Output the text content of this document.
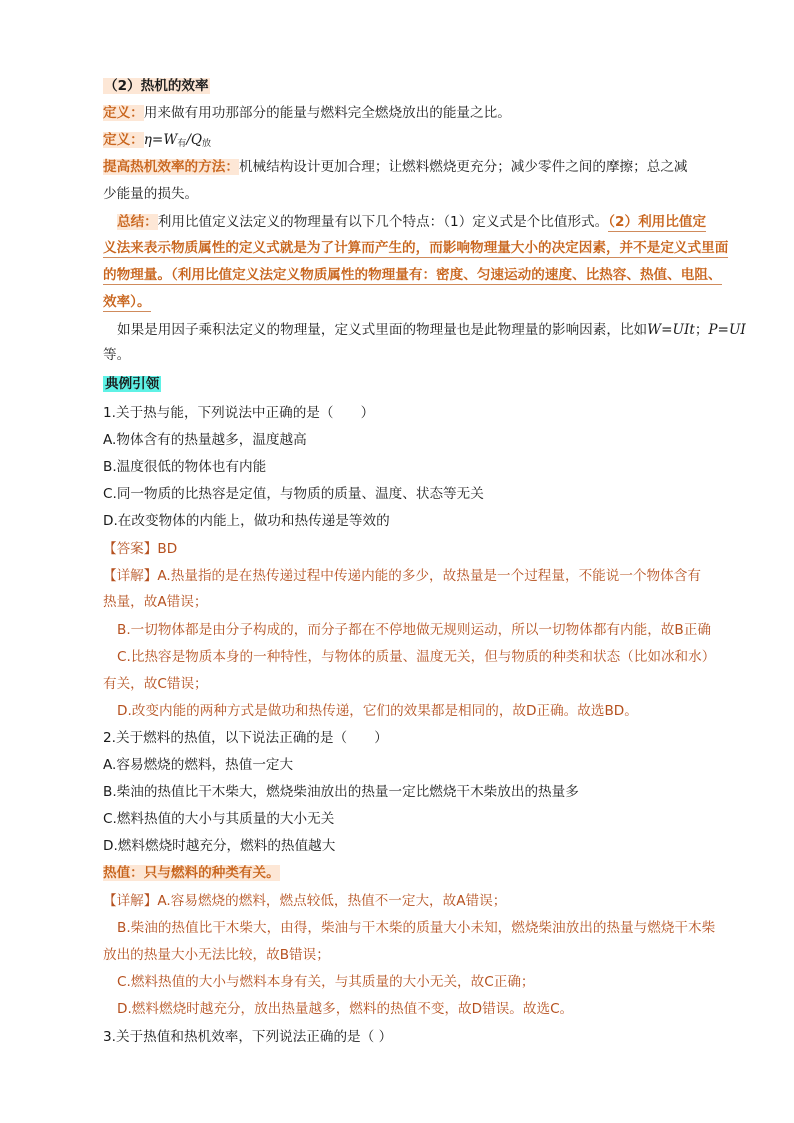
（2）热机的效率
定义：用来做有用功那部分的能量与燃料完全燃烧放出的能量之比。
定义：$\eta=W_有/Q_放$
提高热机效率的方法：机械结构设计更加合理；让燃料燃烧更充分；减少零件之间的摩擦；总之减
少能量的损失。
总结：利用比值定义法定义的物理量有以下几个特点：（1）定义式是个比值形式。（2）利用比值定
义法来表示物质属性的定义式就是为了计算而产生的，而影响物理量大小的决定因素，并不是定义式里面
的物理量。（利用比值定义法定义物质属性的物理量有：密度、匀速运动的速度、比热容、热值、电阻、
效率）。
如果是用因子乘积法定义的物理量，定义式里面的物理量也是此物理量的影响因素，比如W=UIt；P=UI
等。
典例引领
1.关于热与能，下列说法中正确的是（　　）
A.物体含有的热量越多，温度越高
B.温度很低的物体也有内能
C.同一物质的比热容是定值，与物质的质量、温度、状态等无关
D.在改变物体的内能上，做功和热传递是等效的
【答案】BD
【详解】A.热量指的是在热传递过程中传递内能的多少，故热量是一个过程量，不能说一个物体含有
热量，故A错误；
B.一切物体都是由分子构成的，而分子都在不停地做无规则运动，所以一切物体都有内能，故B正确
C.比热容是物质本身的一种特性，与物体的质量、温度无关，但与物质的种类和状态（比如冰和水）
有关，故C错误；
D.改变内能的两种方式是做功和热传递，它们的效果都是相同的，故D正确。故选BD。
2.关于燃料的热值，以下说法正确的是（　　）
A.容易燃烧的燃料，热值一定大
B.柴油的热值比干木柴大，燃烧柴油放出的热量一定比燃烧干木柴放出的热量多
C.燃料热值的大小与其质量的大小无关
D.燃料燃烧时越充分，燃料的热值越大
热值：只与燃料的种类有关。
【详解】A.容易燃烧的燃料，燃点较低，热值不一定大，故A错误；
B.柴油的热值比干木柴大，由得，柴油与干木柴的质量大小未知，燃烧柴油放出的热量与燃烧干木柴
放出的热量大小无法比较，故B错误；
C.燃料热值的大小与燃料本身有关，与其质量的大小无关，故C正确；
D.燃料燃烧时越充分，放出热量越多，燃料的热值不变，故D错误。故选C。
3.关于热值和热机效率，下列说法正确的是（ ）
